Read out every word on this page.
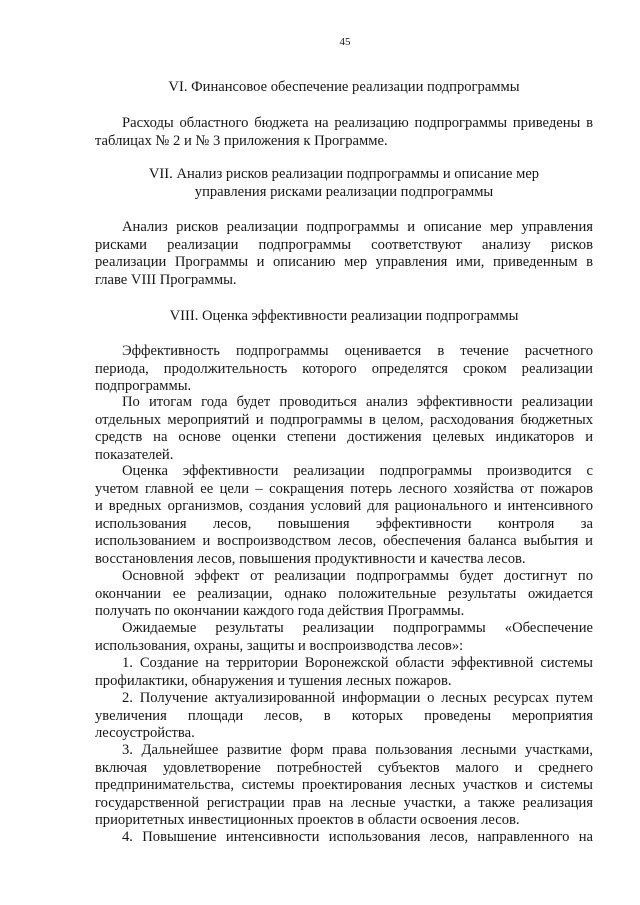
45
VI. Финансовое обеспечение реализации подпрограммы
Расходы областного бюджета на реализацию подпрограммы приведены в
таблицах № 2 и № 3 приложения к Программе.
VII. Анализ рисков реализации подпрограммы и описание мер
управления рисками реализации подпрограммы
Анализ рисков реализации подпрограммы и описание мер управления
рисками реализации подпрограммы соответствуют анализу рисков
реализации Программы и описанию мер управления ими, приведенным в
главе VIII Программы.
VIII. Оценка эффективности реализации подпрограммы
Эффективность подпрограммы оценивается в течение расчетного
периода, продолжительность которого определятся сроком реализации
подпрограммы.
По итогам года будет проводиться анализ эффективности реализации
отдельных мероприятий и подпрограммы в целом, расходования бюджетных
средств на основе оценки степени достижения целевых индикаторов и
показателей.
Оценка эффективности реализации подпрограммы производится с
учетом главной ее цели – сокращения потерь лесного хозяйства от пожаров
и вредных организмов, создания условий для рационального и интенсивного
использования лесов, повышения эффективности контроля за
использованием и воспроизводством лесов, обеспечения баланса выбытия и
восстановления лесов, повышения продуктивности и качества лесов.
Основной эффект от реализации подпрограммы будет достигнут по
окончании ее реализации, однако положительные результаты ожидается
получать по окончании каждого года действия Программы.
Ожидаемые результаты реализации подпрограммы «Обеспечение
использования, охраны, защиты и воспроизводства лесов»:
1. Создание на территории Воронежской области эффективной системы
профилактики, обнаружения и тушения лесных пожаров.
2. Получение актуализированной информации о лесных ресурсах путем
увеличения площади лесов, в которых проведены мероприятия
лесоустройства.
3. Дальнейшее развитие форм права пользования лесными участками,
включая удовлетворение потребностей субъектов малого и среднего
предпринимательства, системы проектирования лесных участков и системы
государственной регистрации прав на лесные участки, а также реализация
приоритетных инвестиционных проектов в области освоения лесов.
4. Повышение интенсивности использования лесов, направленного на
